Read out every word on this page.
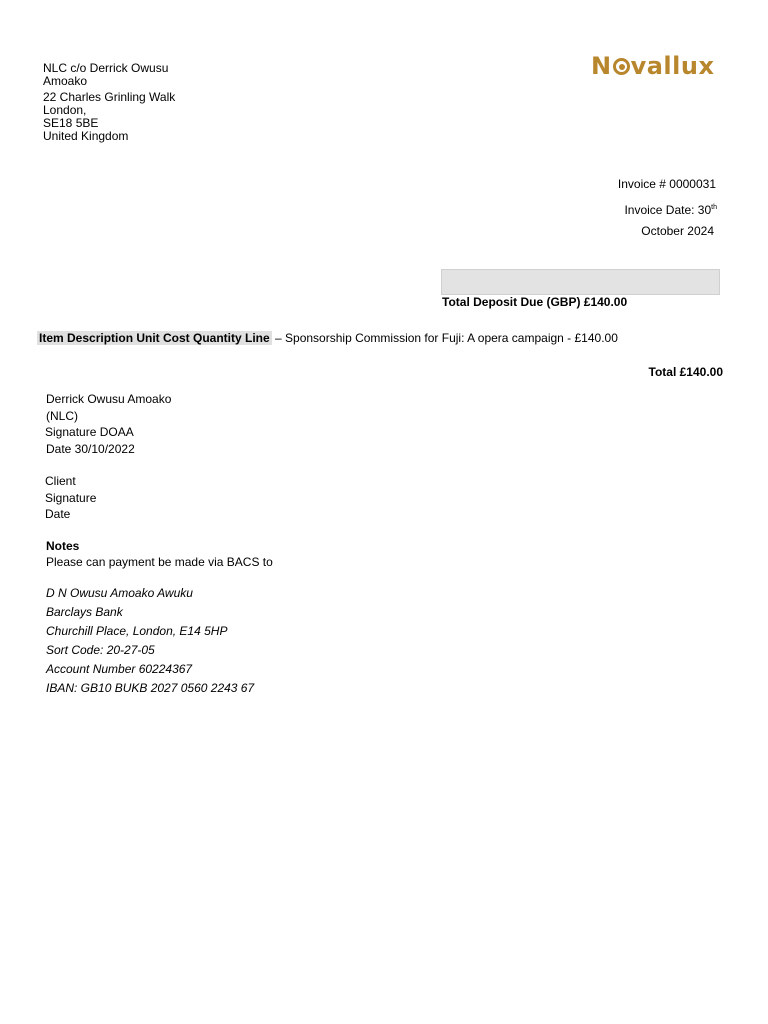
NLC c/o Derrick Owusu
Amoako
22 Charles Grinling Walk
London,
SE18 5BE
United Kingdom
N vallux
Invoice # 0000031
Invoice Date: 30th
October 2024
Total Deposit Due (GBP) £140.00
Item Description Unit Cost Quantity Line – Sponsorship Commission for Fuji: A opera campaign - £140.00
Total £140.00
Derrick Owusu Amoako
(NLC)
Signature DOAA
Date 30/10/2022
Client
Signature
Date
Notes
Please can payment be made via BACS to
D N Owusu Amoako Awuku
Barclays Bank
Churchill Place, London, E14 5HP
Sort Code: 20-27-05
Account Number 60224367
IBAN: GB10 BUKB 2027 0560 2243 67
